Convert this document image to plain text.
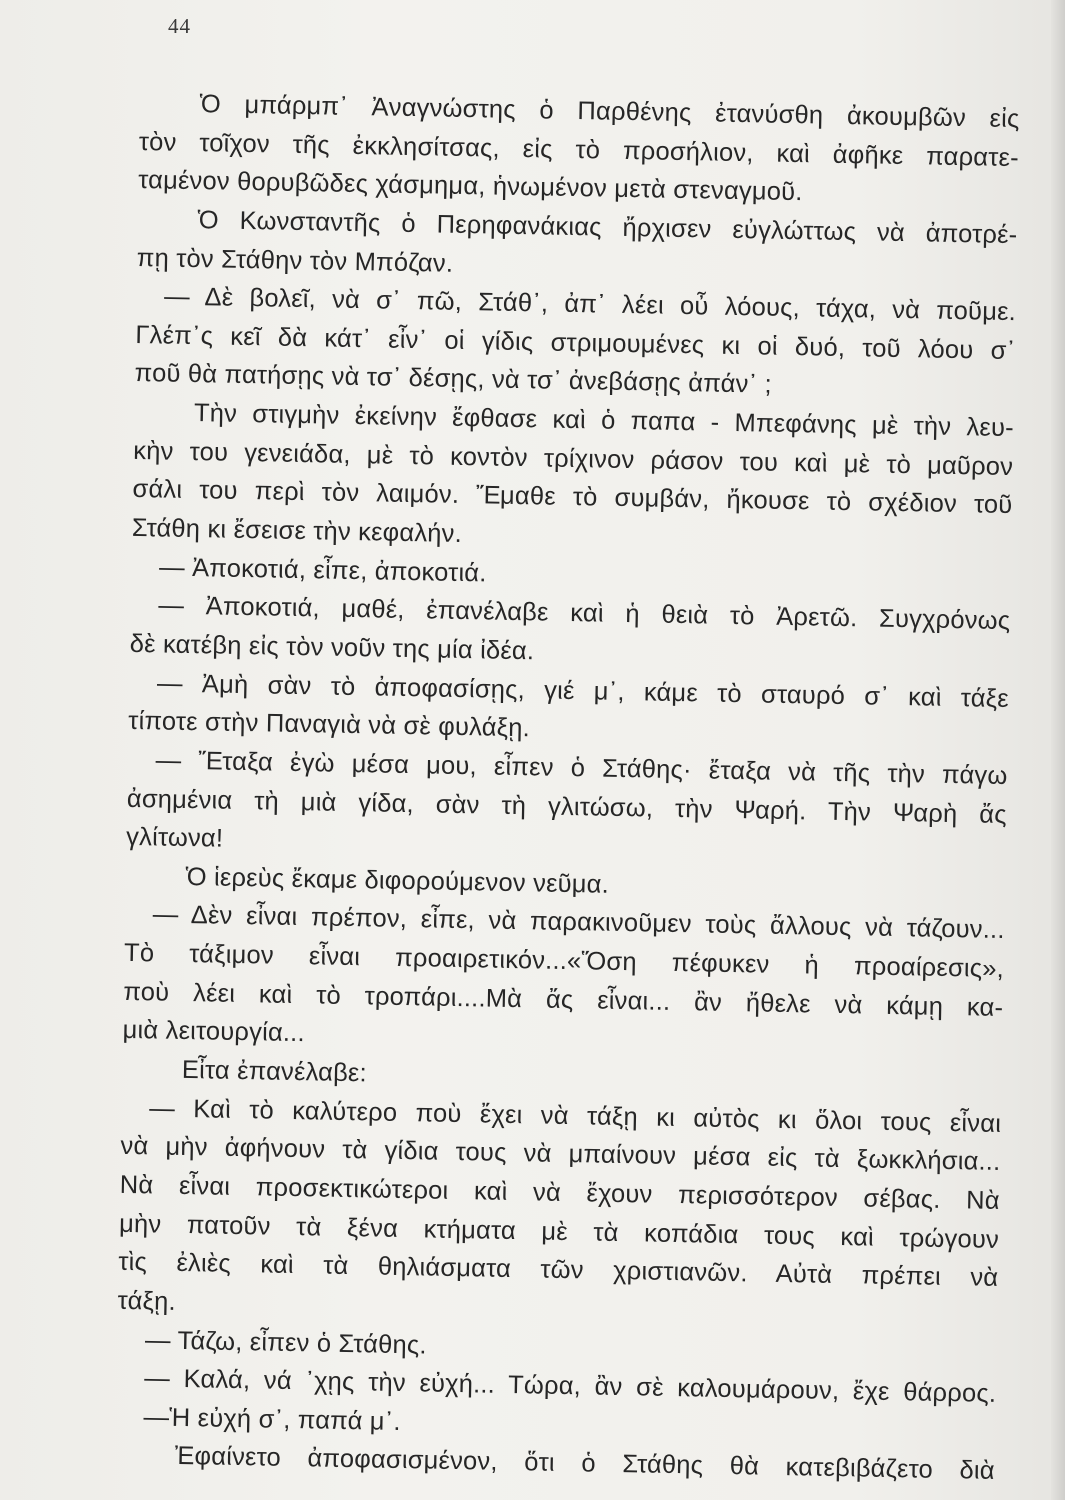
44
Ὁ μπάρμπ᾽ Ἀναγνώστης ὁ Παρθένης ἐτανύσθη ἀκουμβῶν εἰς
τὸν τοῖχον τῆς ἐκκλησίτσας, εἰς τὸ προσήλιον, καὶ ἀφῆκε παρατε-
ταμένον θορυβῶδες χάσμημα, ἡνωμένον μετὰ στεναγμοῦ.
Ὁ Κωνσταντῆς ὁ Περηφανάκιας ἤρχισεν εὐγλώττως νὰ ἀποτρέ-
πῃ τὸν Στάθην τὸν Μπόζαν.
— Δὲ βολεῖ, νὰ σ᾽ πῶ, Στάθ᾽, ἀπ᾽ λέει οὖ λόους, τάχα, νὰ ποῦμε.
Γλέπ᾽ς κεῖ δὰ κάτ᾽ εἶν᾽ οἱ γίδις στριμουμένες κι οἱ δυό, τοῦ λόου σ᾽
ποῦ θὰ πατήσῃς νὰ τσ᾽ δέσῃς, νὰ τσ᾽ ἀνεβάσῃς ἀπάν᾽ ;
Τὴν στιγμὴν ἐκείνην ἔφθασε καὶ ὁ παπα - Μπεφάνης μὲ τὴν λευ-
κὴν του γενειάδα, μὲ τὸ κοντὸν τρίχινον ράσον του καὶ μὲ τὸ μαῦρον
σάλι του περὶ τὸν λαιμόν. Ἔμαθε τὸ συμβάν, ἤκουσε τὸ σχέδιον τοῦ
Στάθη κι ἔσεισε τὴν κεφαλήν.
— Ἀποκοτιά, εἶπε, ἀποκοτιά.
— Ἀποκοτιά, μαθέ, ἐπανέλαβε καὶ ἡ θειὰ τὸ Ἀρετῶ. Συγχρόνως
δὲ κατέβη εἰς τὸν νοῦν της μία ἰδέα.
— Ἀμὴ σὰν τὸ ἀποφασίσῃς, γιέ μ᾽, κάμε τὸ σταυρό σ᾽ καὶ τάξε
τίποτε στὴν Παναγιὰ νὰ σὲ φυλάξῃ.
— Ἔταξα ἐγὼ μέσα μου, εἶπεν ὁ Στάθης· ἔταξα νὰ τῆς τὴν πάγω
ἀσημένια τὴ μιὰ γίδα, σὰν τὴ γλιτώσω, τὴν Ψαρή. Τὴν Ψαρὴ ἄς
γλίτωνα!
Ὁ ἱερεὺς ἔκαμε διφορούμενον νεῦμα.
— Δὲν εἶναι πρέπον, εἶπε, νὰ παρακινοῦμεν τοὺς ἄλλους νὰ τάζουν...
Τὸ τάξιμον εἶναι προαιρετικόν...«Ὅση πέφυκεν ἡ προαίρεσις»,
ποὺ λέει καὶ τὸ τροπάρι....Μὰ ἄς εἶναι... ἂν ἤθελε νὰ κάμῃ κα-
μιὰ λειτουργία...
Εἶτα ἐπανέλαβε:
— Καὶ τὸ καλύτερο ποὺ ἔχει νὰ τάξῃ κι αὐτὸς κι ὅλοι τους εἶναι
νὰ μὴν ἀφήνουν τὰ γίδια τους νὰ μπαίνουν μέσα εἰς τὰ ξωκκλήσια...
Νὰ εἶναι προσεκτικώτεροι καὶ νὰ ἔχουν περισσότερον σέβας. Νὰ
μὴν πατοῦν τὰ ξένα κτήματα μὲ τὰ κοπάδια τους καὶ τρώγουν
τὶς ἐλιὲς καὶ τὰ θηλιάσματα τῶν χριστιανῶν. Αὐτὰ πρέπει νὰ
τάξῃ.
— Τάζω, εἶπεν ὁ Στάθης.
— Καλά, νά ᾽χῃς τὴν εὐχή... Τώρα, ἂν σὲ καλουμάρουν, ἔχε θάρρος.
—Ἡ εὐχή σ᾽, παπά μ᾽.
Ἐφαίνετο ἀποφασισμένον, ὅτι ὁ Στάθης θὰ κατεβιβάζετο διὰ
